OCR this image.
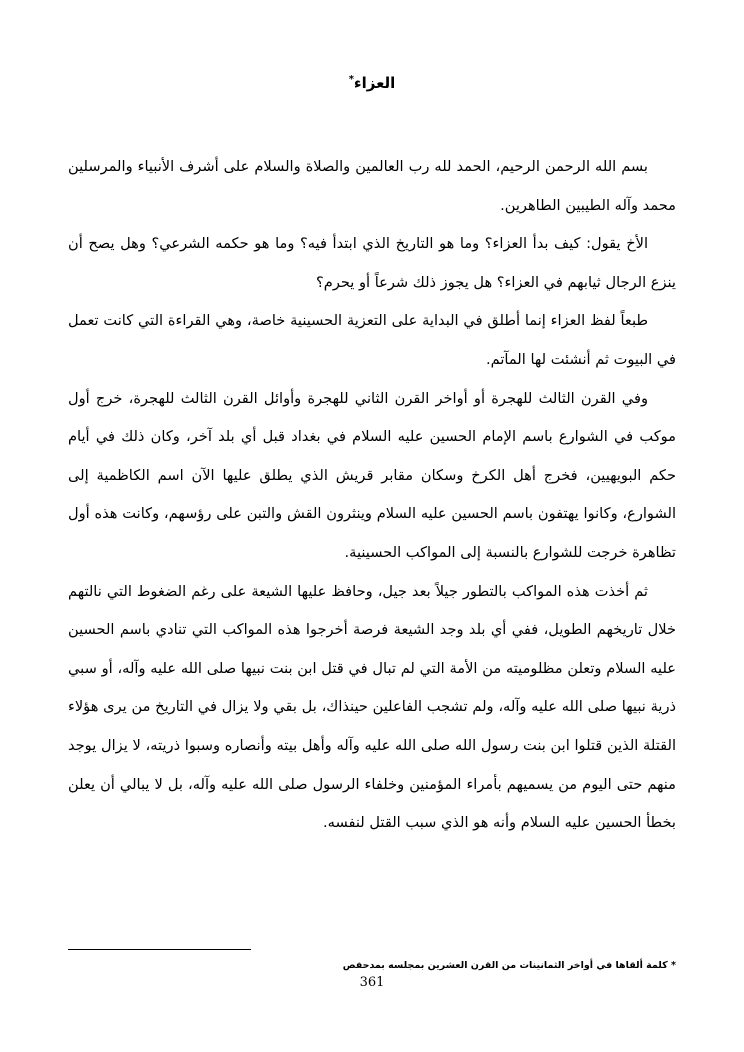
العزاء*

بسم الله الرحمن الرحيم، الحمد لله رب العالمين والصلاة والسلام على أشرف الأنبياء والمرسلين محمد وآله الطيبين الطاهرين.

الأخ يقول: كيف بدأ العزاء؟ وما هو التاريخ الذي ابتدأ فيه؟ وما هو حكمه الشرعي؟ وهل يصح أن ينزع الرجال ثيابهم في العزاء؟ هل يجوز ذلك شرعاً أو يحرم؟

طبعاً لفظ العزاء إنما أطلق في البداية على التعزية الحسينية خاصة، وهي القراءة التي كانت تعمل في البيوت ثم أنشئت لها المآتم.

وفي القرن الثالث للهجرة أو أواخر القرن الثاني للهجرة وأوائل القرن الثالث للهجرة، خرج أول موكب في الشوارع باسم الإمام الحسين عليه السلام في بغداد قبل أي بلد آخر، وكان ذلك في أيام حكم البويهيين، فخرج أهل الكرخ وسكان مقابر قريش الذي يطلق عليها الآن اسم الكاظمية إلى الشوارع، وكانوا يهتفون باسم الحسين عليه السلام وينثرون القش والتبن على رؤسهم، وكانت هذه أول تظاهرة خرجت للشوارع بالنسبة إلى المواكب الحسينية.

ثم أخذت هذه المواكب بالتطور جيلاً بعد جيل، وحافظ عليها الشيعة على رغم الضغوط التي نالتهم خلال تاريخهم الطويل، ففي أي بلد وجد الشيعة فرصة أخرجوا هذه المواكب التي تنادي باسم الحسين عليه السلام وتعلن مظلوميته من الأمة التي لم تبال في قتل ابن بنت نبيها صلى الله عليه وآله، أو سبي ذرية نبيها صلى الله عليه وآله، ولم تشجب الفاعلين حينذاك، بل بقي ولا يزال في التاريخ من يرى هؤلاء القتلة الذين قتلوا ابن بنت رسول الله صلى الله عليه وآله وأهل بيته وأنصاره وسبوا ذريته، لا يزال يوجد منهم حتى اليوم من يسميهم بأمراء المؤمنين وخلفاء الرسول صلى الله عليه وآله، بل لا يبالي أن يعلن بخطأ الحسين عليه السلام وأنه هو الذي سبب القتل لنفسه.

* كلمة ألقاها في أواخر الثمانينات من القرن العشرين بمجلسه بمدحفص
361
